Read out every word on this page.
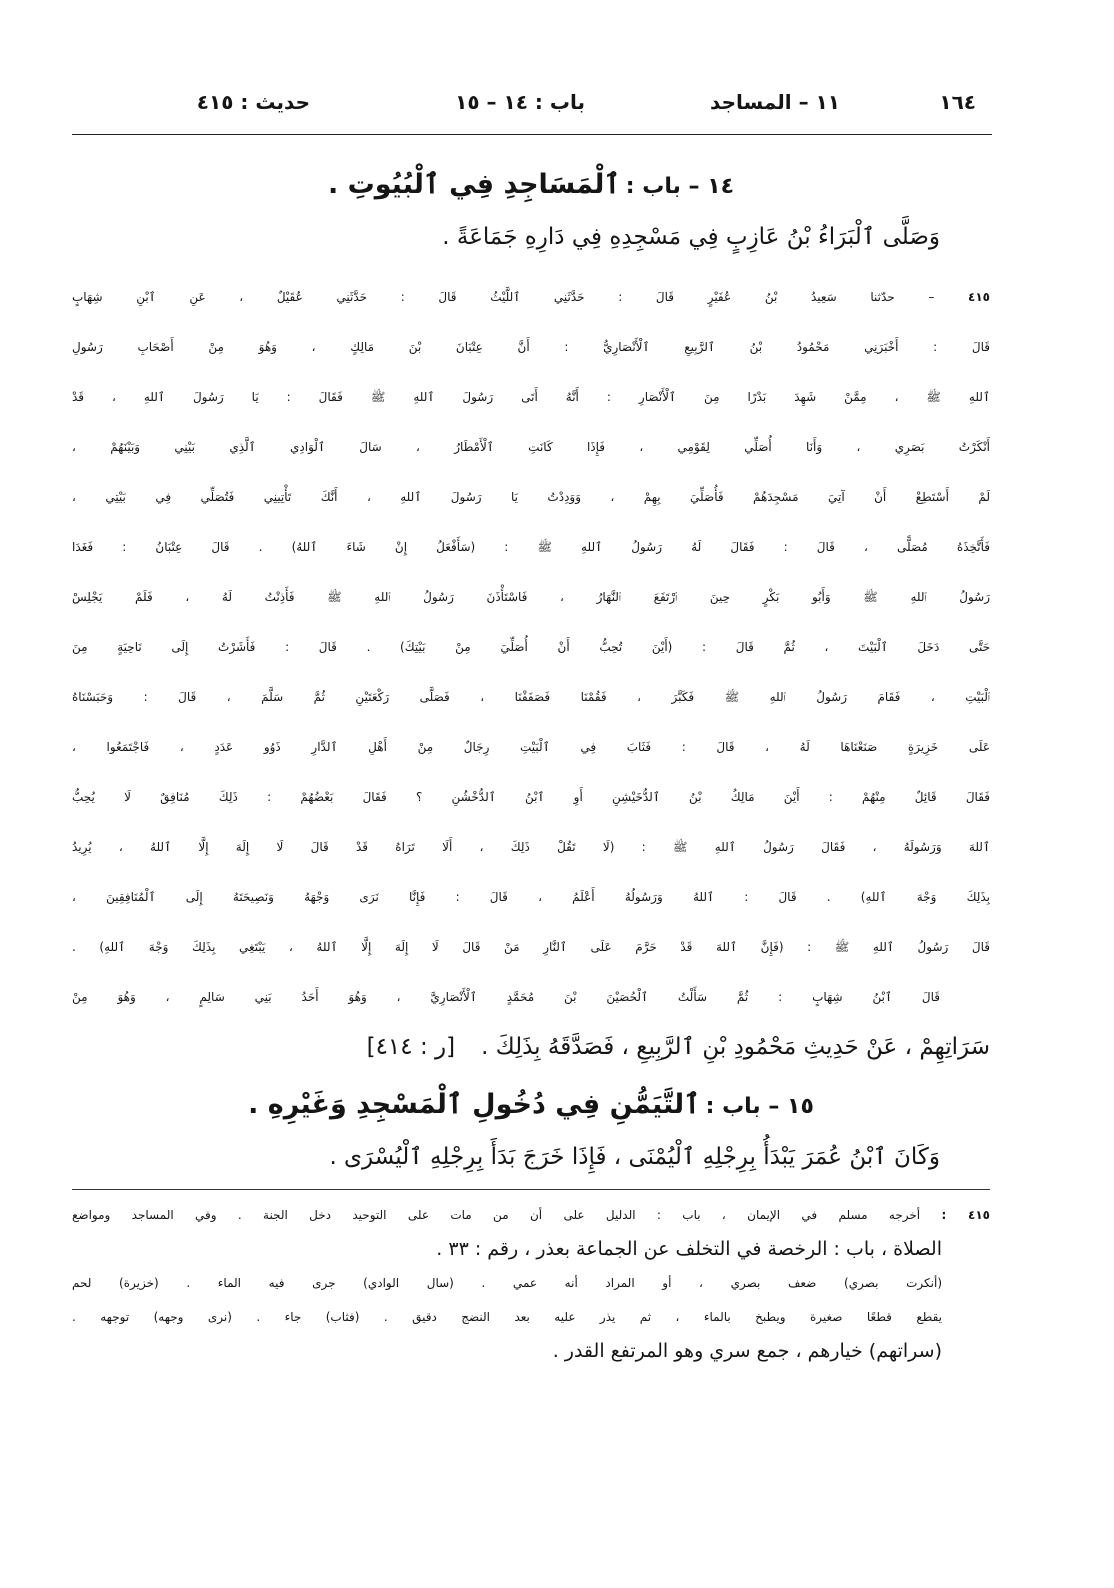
١٦٤
١١ – المساجد
باب : ١٤ – ١٥
حديث : ٤١٥
١٤ – باب : ٱلْمَسَاجِدِ فِي ٱلْبُيُوتِ .
وَصَلَّى ٱلْبَرَاءُ بْنُ عَازِبٍ فِي مَسْجِدِهِ فِي دَارِهِ جَمَاعَةً .
٤١٥ – حدّثنا سَعِيدُ بْنُ عُفَيْرٍ قَالَ : حَدَّثَنِي ٱللَّيْثُ قَالَ : حَدَّثَنِي عُقَيْلٌ ، عَنِ ٱبْنِ شِهَابٍ
قَالَ : أَخْبَرَنِي مَحْمُودُ بْنُ ٱلرَّبِيعِ ٱلْأَنْصَارِيُّ : أَنَّ عِتْبَانَ بْنَ مَالِكٍ ، وَهُوَ مِنْ أَصْحَابِ رَسُولِ
ٱللهِ ﷺ ، مِمَّنْ شَهِدَ بَدْرًا مِنَ ٱلْأَنْصَارِ : أَنَّهُ أَتَى رَسُولَ ٱللهِ ﷺ فَقَالَ : يَا رَسُولَ ٱللهِ ، قَدْ
أَنْكَرْتُ بَصَرِي ، وَأَنَا أُصَلِّي لِقَوْمِي ، فَإِذَا كَانَتِ ٱلْأَمْطَارُ ، سَالَ ٱلْوَادِي ٱلَّذِي بَيْنِي وَبَيْنَهُمْ ،
لَمْ أَسْتَطِعْ أَنْ آتِيَ مَسْجِدَهُمْ فَأُصَلِّيَ بِهِمْ ، وَوَدِدْتُ يَا رَسُولَ ٱللهِ ، أَنَّكَ تَأْتِينِي فَتُصَلِّي فِي بَيْتِي ،
فَأَتَّخِذَهُ مُصَلًّى ، قَالَ : فَقَالَ لَهُ رَسُولُ ٱللهِ ﷺ : (سَأَفْعَلُ إِنْ شَاءَ ٱللهُ) . قَالَ عِتْبَانُ : فَغَدَا
رَسُولُ ٱللهِ ﷺ وَأَبُو بَكْرٍ حِينَ ٱرْتَفَعَ ٱلنَّهَارُ ، فَاسْتَأْذَنَ رَسُولُ ٱللهِ ﷺ فَأَذِنْتُ لَهُ ، فَلَمْ يَجْلِسْ
حَتَّى دَخَلَ ٱلْبَيْتَ ، ثُمَّ قَالَ : (أَيْنَ تُحِبُّ أَنْ أُصَلِّيَ مِنْ بَيْتِكَ) . قَالَ : فَأَشَرْتُ إِلَى نَاحِيَةٍ مِنَ
ٱلْبَيْتِ ، فَقَامَ رَسُولُ ٱللهِ ﷺ فَكَبَّرَ ، فَقُمْنَا فَصَفَفْنَا ، فَصَلَّى رَكْعَتَيْنِ ثُمَّ سَلَّمَ ، قَالَ : وَحَبَسْنَاهُ
عَلَى خَزِيرَةٍ صَنَعْنَاهَا لَهُ ، قَالَ : فَثَابَ فِي ٱلْبَيْتِ رِجَالٌ مِنْ أَهْلِ ٱلدَّارِ ذَوُو عَدَدٍ ، فَاجْتَمَعُوا ،
فَقَالَ قَائِلٌ مِنْهُمْ : أَيْنَ مَالِكُ بْنُ ٱلدُّخَيْشِنِ أَوِ ٱبْنُ ٱلدُّخْشُنِ ؟ فَقَالَ بَعْضُهُمْ : ذَلِكَ مُنَافِقٌ لَا يُحِبُّ
ٱللهَ وَرَسُولَهُ ، فَقَالَ رَسُولُ ٱللهِ ﷺ : (لَا تَقُلْ ذَلِكَ ، أَلَا تَرَاهُ قَدْ قَالَ لَا إِلَهَ إِلَّا ٱللهُ ، يُرِيدُ
بِذَلِكَ وَجْهَ ٱللهِ) . قَالَ : ٱللهُ وَرَسُولُهُ أَعْلَمُ ، قَالَ : فَإِنَّا نَرَى وَجْهَهُ وَنَصِيحَتَهُ إِلَى ٱلْمُنَافِقِينَ ،
قَالَ رَسُولُ ٱللهِ ﷺ : (فَإِنَّ ٱللهَ قَدْ حَرَّمَ عَلَى ٱلنَّارِ مَنْ قَالَ لَا إِلَهَ إِلَّا ٱللهُ ، يَبْتَغِي بِذَلِكَ وَجْهَ ٱللهِ) .
قَالَ ٱبْنُ شِهَابٍ : ثُمَّ سَأَلْتُ ٱلْحُصَيْنَ بْنَ مُحَمَّدٍ ٱلْأَنْصَارِيَّ ، وَهُوَ أَحَدُ بَنِي سَالِمٍ ، وَهُوَ مِنْ
سَرَاتِهِمْ ، عَنْ حَدِيثِ مَحْمُودِ بْنِ ٱلرَّبِيعِ ، فَصَدَّقَهُ بِذَلِكَ .[ر : ٤١٤]
١٥ – باب : ٱلتَّيَمُّنِ فِي دُخُولِ ٱلْمَسْجِدِ وَغَيْرِهِ .
وَكَانَ ٱبْنُ عُمَرَ يَبْدَأُ بِرِجْلِهِ ٱلْيُمْنَى ، فَإِذَا خَرَجَ بَدَأَ بِرِجْلِهِ ٱلْيُسْرَى .
٤١٥ : أخرجه مسلم في الإيمان ، باب : الدليل على أن من مات على التوحيد دخل الجنة . وفي المساجد ومواضع
الصلاة ، باب : الرخصة في التخلف عن الجماعة بعذر ، رقم : ٣٣ .
(أنكرت بصري) ضعف بصري ، أو المراد أنه عمي . (سال الوادي) جرى فيه الماء . (خزيرة) لحم
يقطع قطعًا صغيرة ويطبخ بالماء ، ثم يذر عليه بعد النضج دقيق . (فثاب) جاء . (نرى وجهه) توجهه .
(سراتهم) خيارهم ، جمع سري وهو المرتفع القدر .
